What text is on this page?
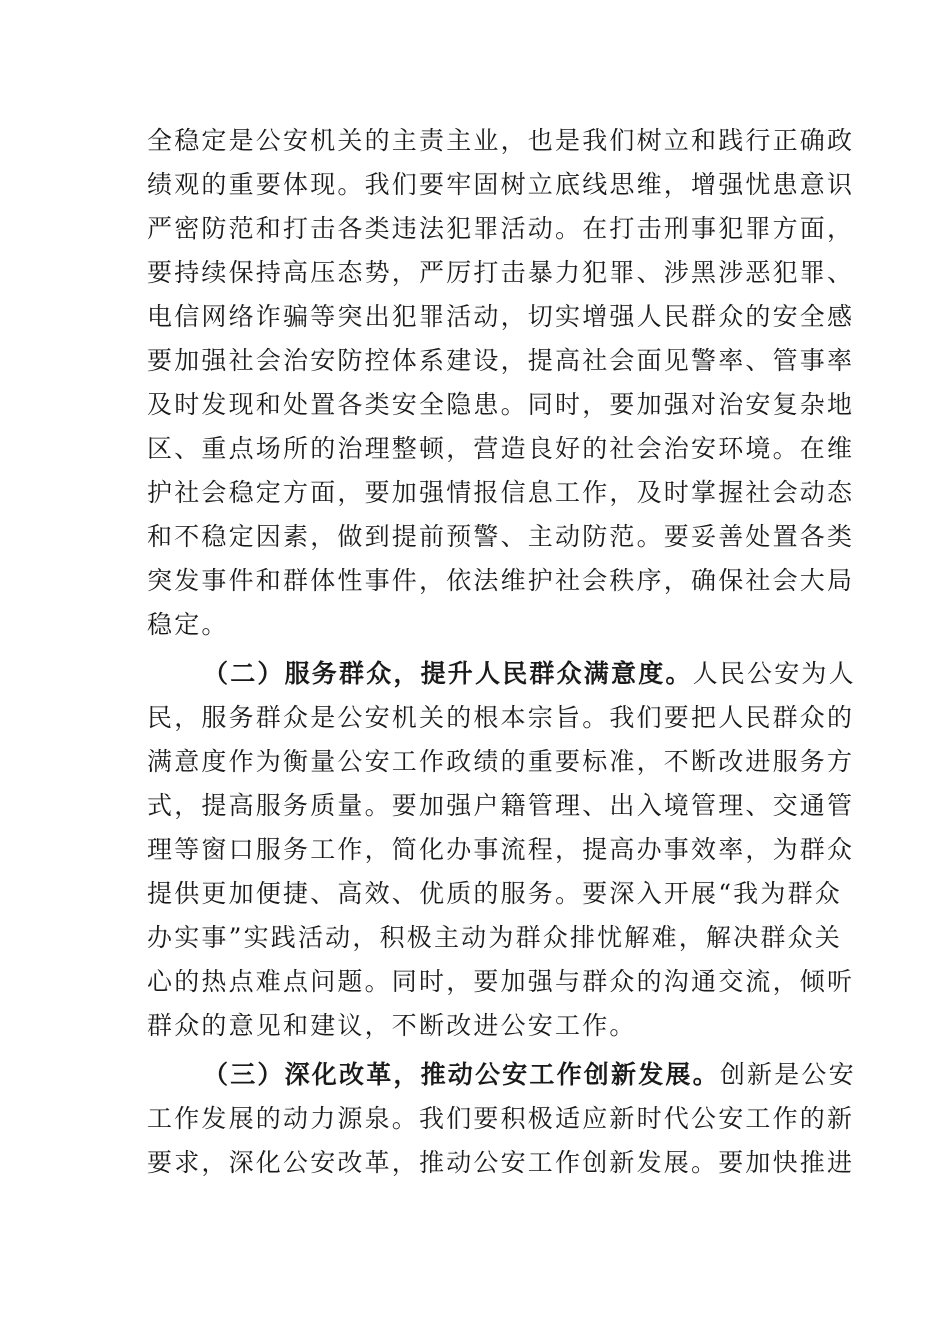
全稳定是公安机关的主责主业，也是我们树立和践行正确政
绩观的重要体现。我们要牢固树立底线思维，增强忧患意识
严密防范和打击各类违法犯罪活动。在打击刑事犯罪方面，
要持续保持高压态势，严厉打击暴力犯罪、涉黑涉恶犯罪、
电信网络诈骗等突出犯罪活动，切实增强人民群众的安全感
要加强社会治安防控体系建设，提高社会面见警率、管事率
及时发现和处置各类安全隐患。同时，要加强对治安复杂地
区、重点场所的治理整顿，营造良好的社会治安环境。在维
护社会稳定方面，要加强情报信息工作，及时掌握社会动态
和不稳定因素，做到提前预警、主动防范。要妥善处置各类
突发事件和群体性事件，依法维护社会秩序，确保社会大局
稳定。
（二）服务群众，提升人民群众满意度。人民公安为人
民，服务群众是公安机关的根本宗旨。我们要把人民群众的
满意度作为衡量公安工作政绩的重要标准，不断改进服务方
式，提高服务质量。要加强户籍管理、出入境管理、交通管
理等窗口服务工作，简化办事流程，提高办事效率，为群众
提供更加便捷、高效、优质的服务。要深入开展“我为群众
办实事”实践活动，积极主动为群众排忧解难，解决群众关
心的热点难点问题。同时，要加强与群众的沟通交流，倾听
群众的意见和建议，不断改进公安工作。
（三）深化改革，推动公安工作创新发展。创新是公安
工作发展的动力源泉。我们要积极适应新时代公安工作的新
要求，深化公安改革，推动公安工作创新发展。要加快推进
